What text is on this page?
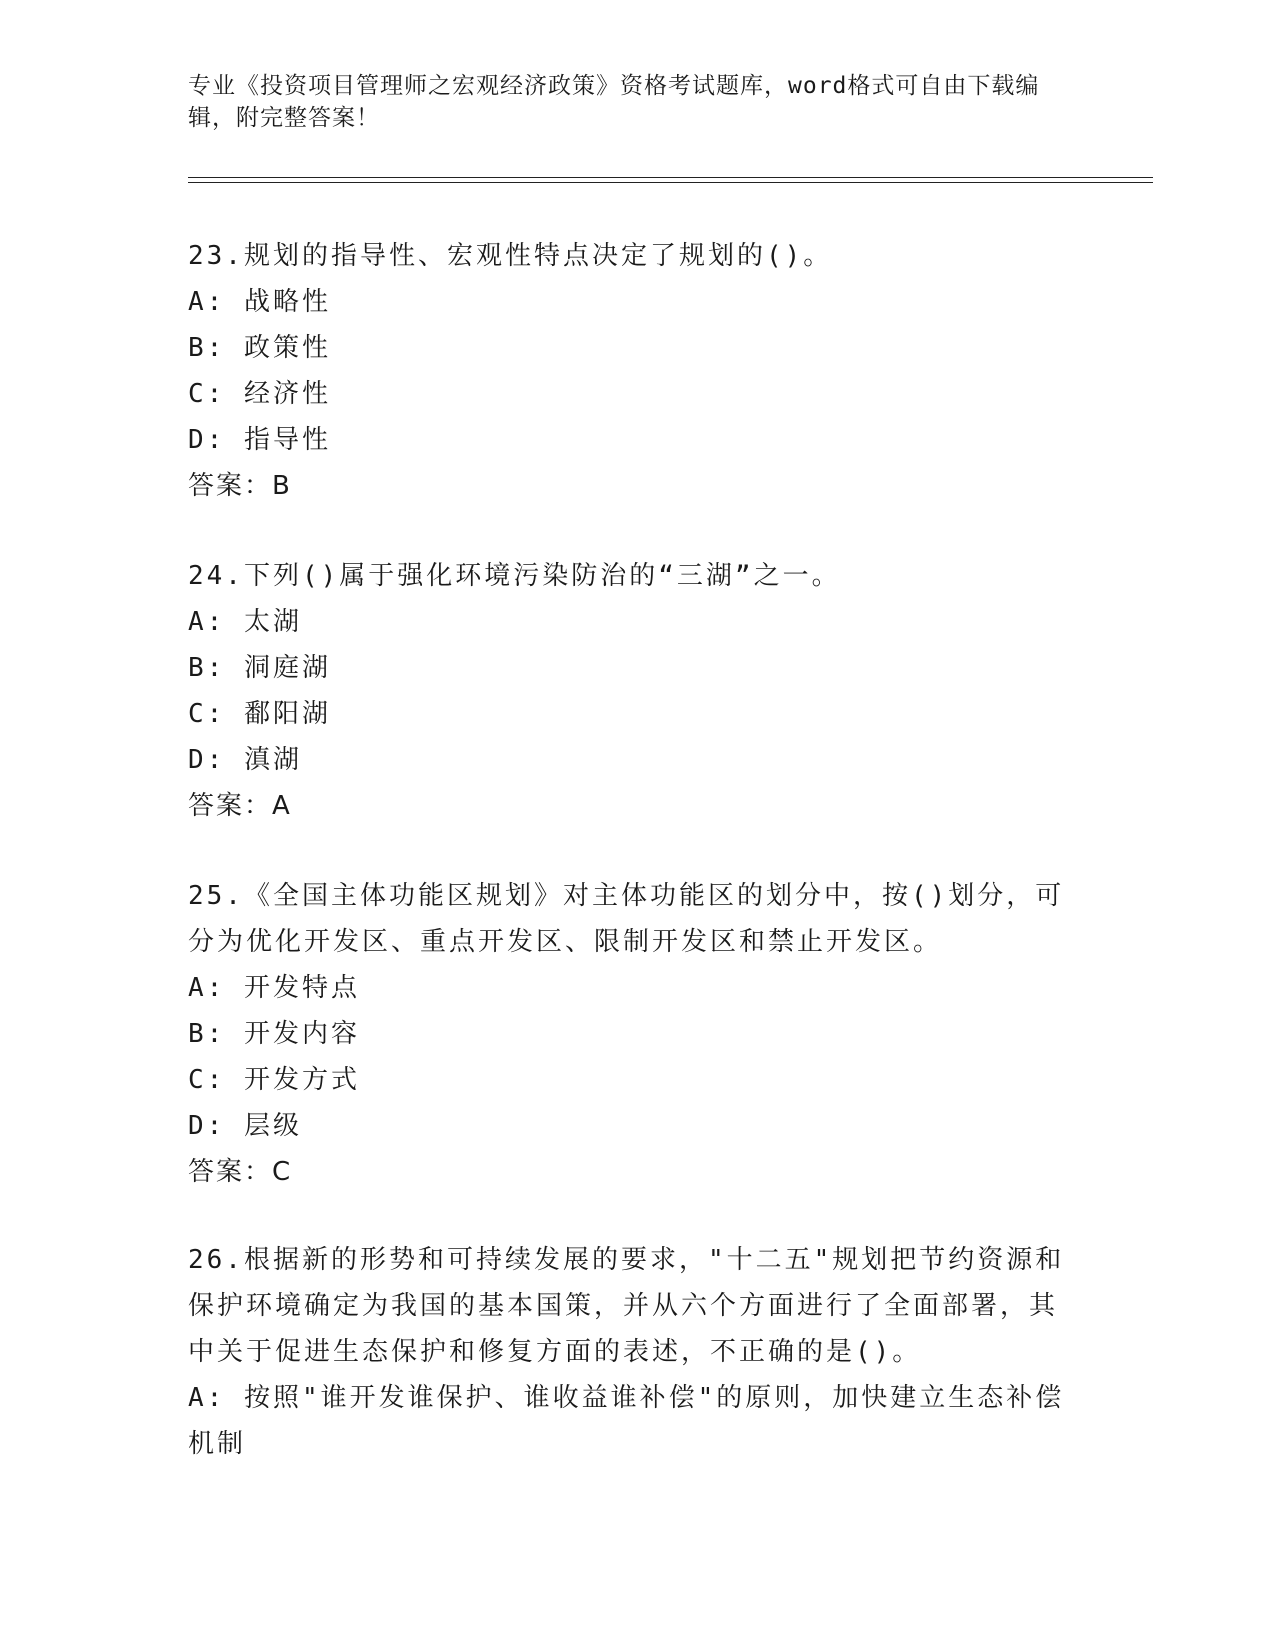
专业《投资项目管理师之宏观经济政策》资格考试题库，word格式可自由下载编辑，附完整答案！
23.规划的指导性、宏观性特点决定了规划的()。
A: 战略性
B: 政策性
C: 经济性
D: 指导性
答案：B
24.下列()属于强化环境污染防治的“三湖”之一。
A: 太湖
B: 洞庭湖
C: 鄱阳湖
D: 滇湖
答案：A
25.《全国主体功能区规划》对主体功能区的划分中，按()划分，可分为优化开发区、重点开发区、限制开发区和禁止开发区。
A: 开发特点
B: 开发内容
C: 开发方式
D: 层级
答案：C
26.根据新的形势和可持续发展的要求，"十二五"规划把节约资源和保护环境确定为我国的基本国策，并从六个方面进行了全面部署，其中关于促进生态保护和修复方面的表述，不正确的是()。
A: 按照"谁开发谁保护、谁收益谁补偿"的原则，加快建立生态补偿机制
